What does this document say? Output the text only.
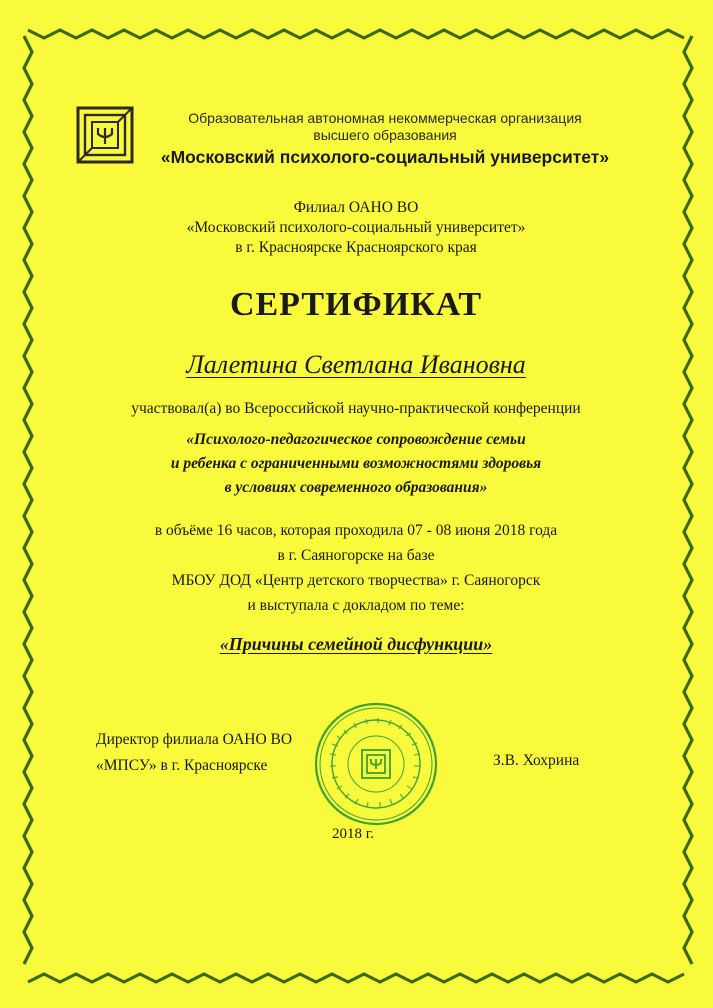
Образовательная автономная некоммерческая организация
высшего образования
«Московский психолого-социальный университет»
Филиал ОАНО ВО
«Московский психолого-социальный университет»
в г. Красноярске Красноярского края
СЕРТИФИКАТ
Лалетина Светлана Ивановна
участвовал(а) во Всероссийской научно-практической конференции
«Психолого-педагогическое сопровождение семьи
и ребенка с ограниченными возможностями здоровья
в условиях современного образования»
в объёме 16 часов, которая проходила 07 - 08 июня 2018 года
в г. Саяногорске на базе
МБОУ ДОД «Центр детского творчества» г. Саяногорск
и выступала с докладом по теме:
«Причины семейной дисфункции»
Директор филиала ОАНО ВО
«МПСУ» в г. Красноярске	З.В. Хохрина
2018 г.
